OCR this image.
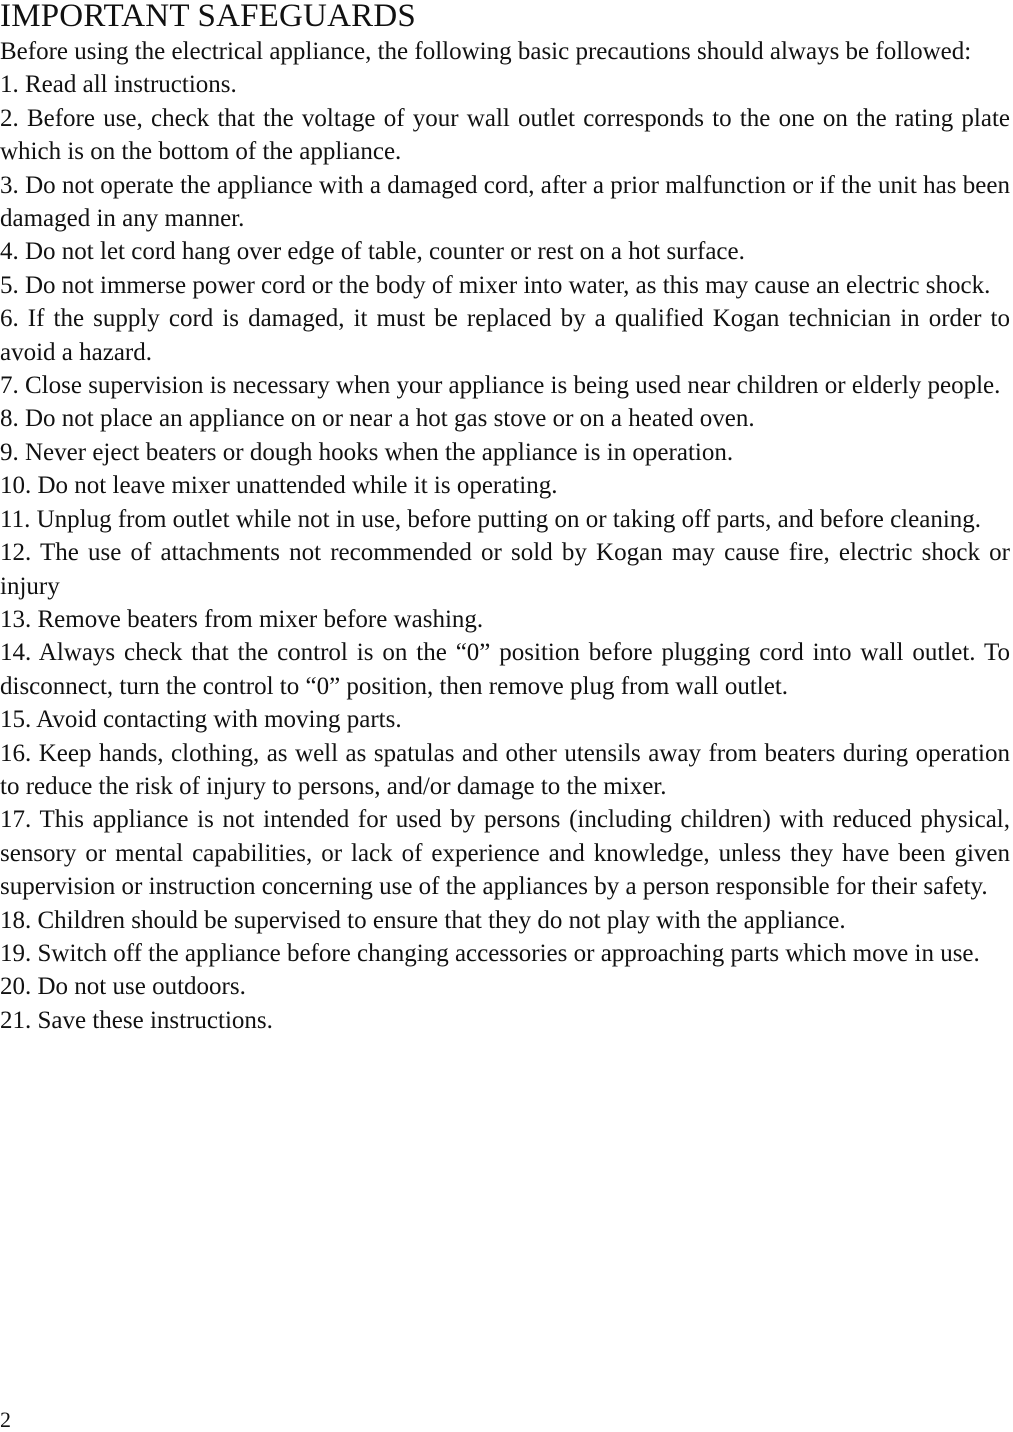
IMPORTANT SAFEGUARDS

Before using the electrical appliance, the following basic precautions should always be followed:

1. Read all instructions.
2. Before use, check that the voltage of your wall outlet corresponds to the one on the rating plate which is on the bottom of the appliance.
3. Do not operate the appliance with a damaged cord, after a prior malfunction or if the unit has been damaged in any manner.
4. Do not let cord hang over edge of table, counter or rest on a hot surface.
5. Do not immerse power cord or the body of mixer into water, as this may cause an electric shock.
6. If the supply cord is damaged, it must be replaced by a qualified Kogan technician in order to avoid a hazard.
7. Close supervision is necessary when your appliance is being used near children or elderly people.
8. Do not place an appliance on or near a hot gas stove or on a heated oven.
9. Never eject beaters or dough hooks when the appliance is in operation.
10. Do not leave mixer unattended while it is operating.
11. Unplug from outlet while not in use, before putting on or taking off parts, and before cleaning.
12. The use of attachments not recommended or sold by Kogan may cause fire, electric shock or injury
13. Remove beaters from mixer before washing.
14. Always check that the control is on the “0” position before plugging cord into wall outlet. To disconnect, turn the control to “0” position, then remove plug from wall outlet.
15. Avoid contacting with moving parts.
16. Keep hands, clothing, as well as spatulas and other utensils away from beaters during operation to reduce the risk of injury to persons, and/or damage to the mixer.
17. This appliance is not intended for used by persons (including children) with reduced physical, sensory or mental capabilities, or lack of experience and knowledge, unless they have been given supervision or instruction concerning use of the appliances by a person responsible for their safety.
18. Children should be supervised to ensure that they do not play with the appliance.
19. Switch off the appliance before changing accessories or approaching parts which move in use.
20. Do not use outdoors.
21. Save these instructions.

2
